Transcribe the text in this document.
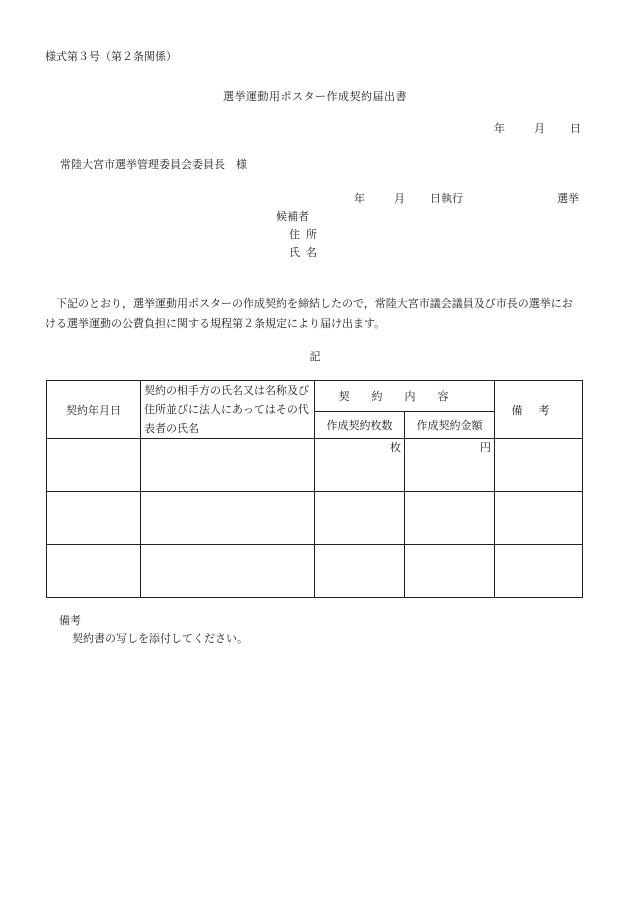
様式第３号（第２条関係）
選挙運動用ポスター作成契約届出書
年	月 日
常陸大宮市選挙管理委員会委員長　様
年	月 日執行	選挙
候補者
住所
氏名
下記のとおり，選挙運動用ポスターの作成契約を締結したので，常陸大宮市議会議員及び市長の選挙における選挙運動の公費負担に関する規程第２条規定により届け出ます。
記
契約年月日	契約の相手方の氏名又は名称及び住所並びに法人にあってはその代表者の氏名	契約内容		備考
		作成契約枚数	作成契約金額	
		枚	円	

備考
契約書の写しを添付してください。
